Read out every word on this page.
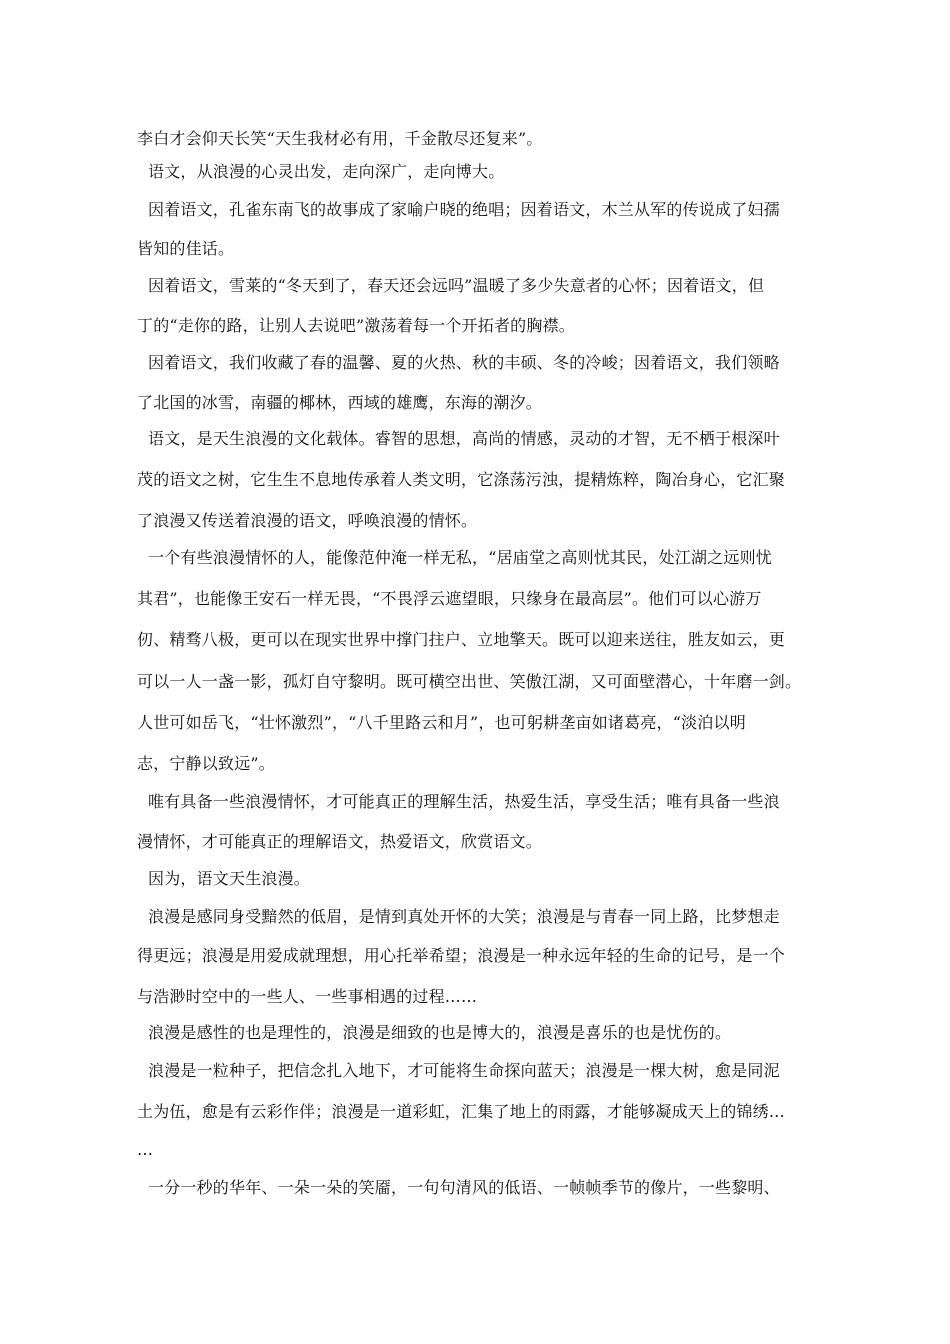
李白才会仰天长笑“天生我材必有用，千金散尽还复来”。
语文，从浪漫的心灵出发，走向深广，走向博大。
因着语文，孔雀东南飞的故事成了家喻户晓的绝唱；因着语文，木兰从军的传说成了妇孺
皆知的佳话。
因着语文，雪莱的“冬天到了，春天还会远吗”温暖了多少失意者的心怀；因着语文，但
丁的“走你的路，让别人去说吧”激荡着每一个开拓者的胸襟。
因着语文，我们收藏了春的温馨、夏的火热、秋的丰硕、冬的冷峻；因着语文，我们领略
了北国的冰雪，南疆的椰林，西域的雄鹰，东海的潮汐。
语文，是天生浪漫的文化载体。睿智的思想，高尚的情感，灵动的才智，无不栖于根深叶
茂的语文之树，它生生不息地传承着人类文明，它涤荡污浊，提精炼粹，陶冶身心，它汇聚
了浪漫又传送着浪漫的语文，呼唤浪漫的情怀。
一个有些浪漫情怀的人，能像范仲淹一样无私，“居庙堂之高则忧其民，处江湖之远则忧
其君”，也能像王安石一样无畏，“不畏浮云遮望眼，只缘身在最高层”。他们可以心游万
仞、精骛八极，更可以在现实世界中撑门拄户、立地擎天。既可以迎来送往，胜友如云，更
可以一人一盏一影，孤灯自守黎明。既可横空出世、笑傲江湖，又可面壁潜心，十年磨一剑。
人世可如岳飞，“壮怀激烈”，“八千里路云和月”，也可躬耕垄亩如诸葛亮，“淡泊以明
志，宁静以致远”。
唯有具备一些浪漫情怀，才可能真正的理解生活，热爱生活，享受生活；唯有具备一些浪
漫情怀，才可能真正的理解语文，热爱语文，欣赏语文。
因为，语文天生浪漫。
浪漫是感同身受黯然的低眉，是情到真处开怀的大笑；浪漫是与青春一同上路，比梦想走
得更远；浪漫是用爱成就理想，用心托举希望；浪漫是一种永远年轻的生命的记号，是一个
与浩渺时空中的一些人、一些事相遇的过程……
浪漫是感性的也是理性的，浪漫是细致的也是博大的，浪漫是喜乐的也是忧伤的。
浪漫是一粒种子，把信念扎入地下，才可能将生命探向蓝天；浪漫是一棵大树，愈是同泥
土为伍，愈是有云彩作伴；浪漫是一道彩虹，汇集了地上的雨露，才能够凝成天上的锦绣…
…
一分一秒的华年、一朵一朵的笑靥，一句句清风的低语、一帧帧季节的像片，一些黎明、
